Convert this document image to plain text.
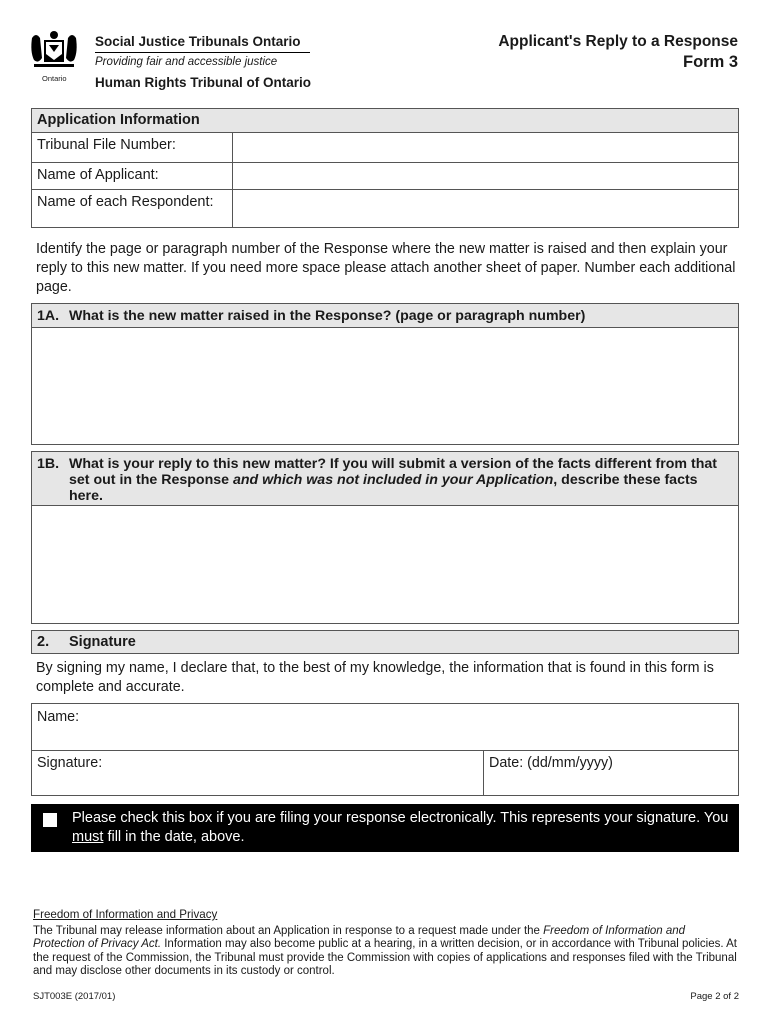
Ontario
Social Justice Tribunals Ontario
Providing fair and accessible justice
Human Rights Tribunal of Ontario
Applicant's Reply to a Response
Form 3
Application Information
Tribunal File Number:
Name of Applicant:
Name of each Respondent:
Identify the page or paragraph number of the Response where the new matter is raised and then explain your reply to this new matter. If you need more space please attach another sheet of paper. Number each additional page.
1A. What is the new matter raised in the Response? (page or paragraph number)
1B. What is your reply to this new matter? If you will submit a version of the facts different from that set out in the Response and which was not included in your Application, describe these facts here.
2.	Signature
By signing my name, I declare that, to the best of my knowledge, the information that is found in this form is complete and accurate.
Name:
Signature:	Date: (dd/mm/yyyy)
Please check this box if you are filing your response electronically. This represents your signature. You must fill in the date, above.
Freedom of Information and Privacy
The Tribunal may release information about an Application in response to a request made under the Freedom of Information and Protection of Privacy Act. Information may also become public at a hearing, in a written decision, or in accordance with Tribunal policies. At the request of the Commission, the Tribunal must provide the Commission with copies of applications and responses filed with the Tribunal and may disclose other documents in its custody or control.
SJT003E (2017/01)	Page 2 of 2
